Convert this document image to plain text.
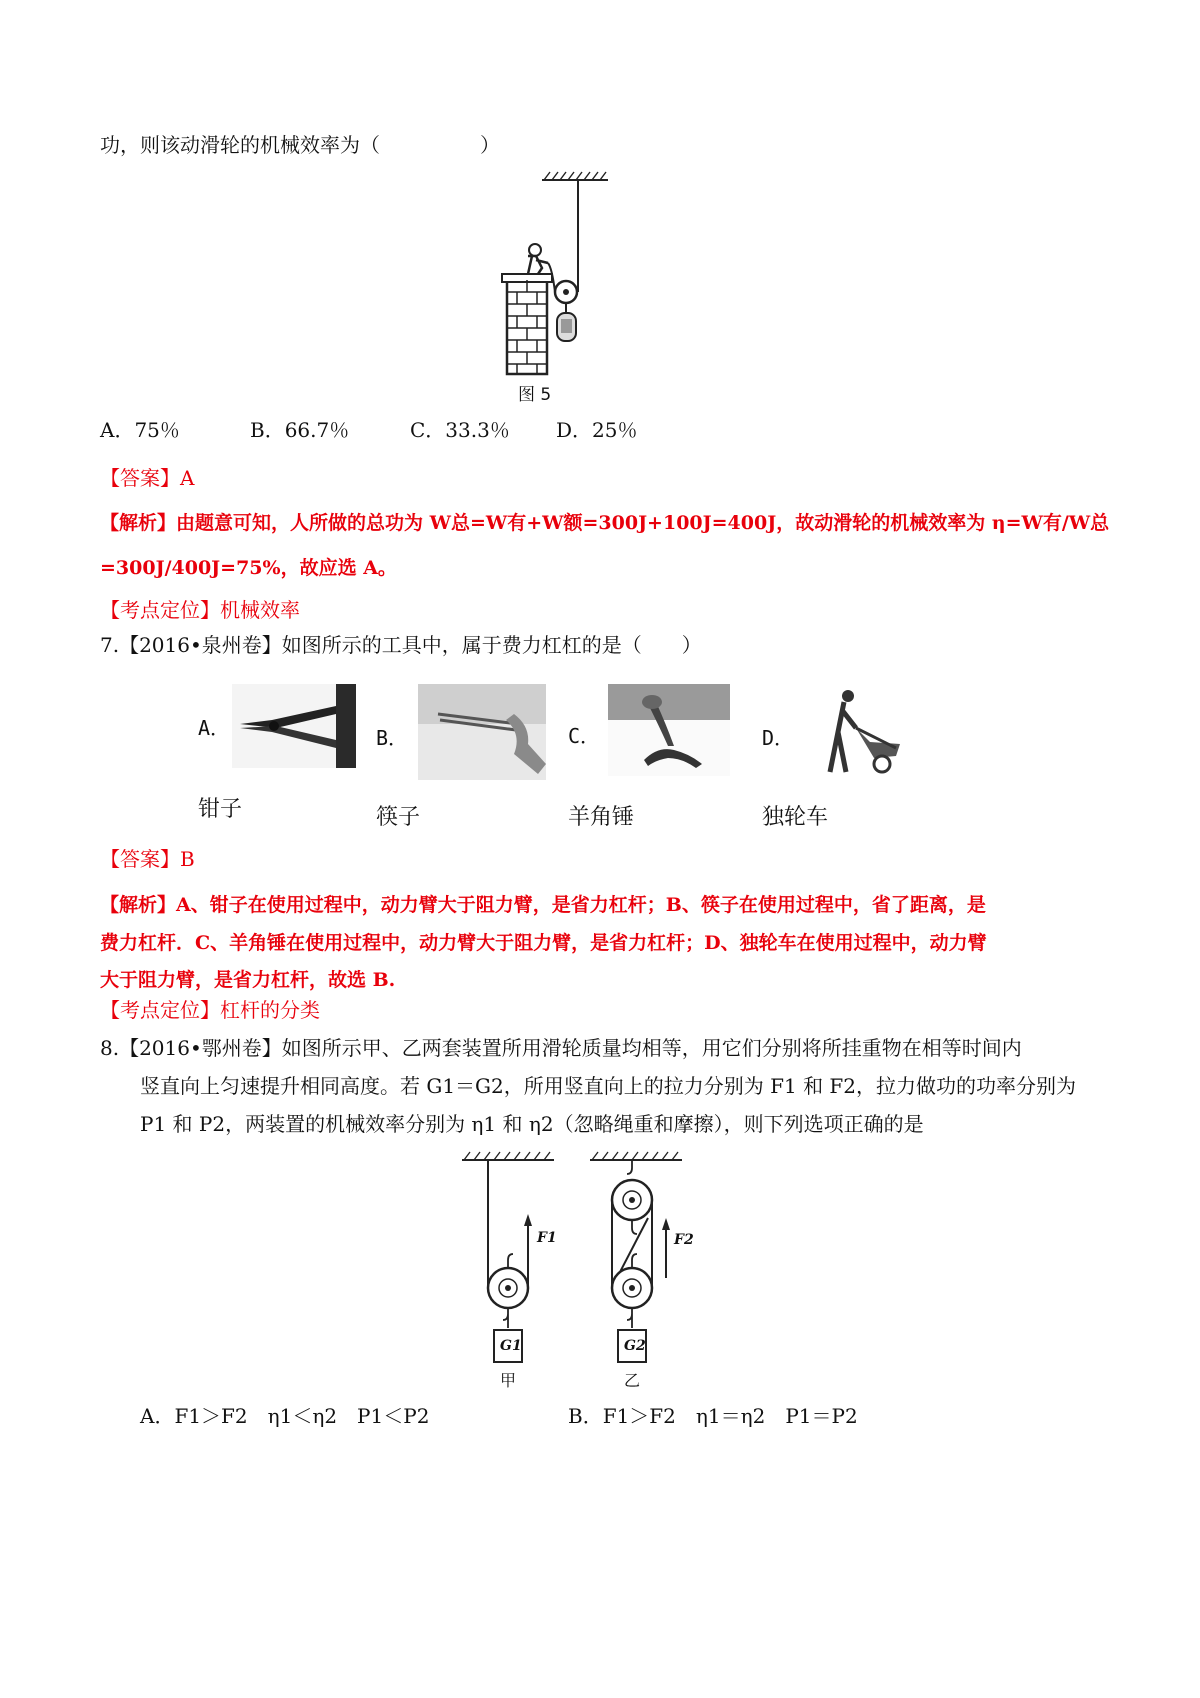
功，则该动滑轮的机械效率为（　　　　　）
图 5
A．75％	B．66.7％	C．33.3％ D．25％
【答案】A
【解析】由题意可知，人所做的总功为 W总=W有+W额=300J+100J=400J，故动滑轮的机械效率为 η=W有/W总
=300J/400J=75%，故应选 A。
【考点定位】机械效率
7.【2016•泉州卷】如图所示的工具中，属于费力杠杠的是（　　）
A．
钳子
B．
筷子
C．
羊角锤
D．
独轮车
【答案】B
【解析】A、钳子在使用过程中，动力臂大于阻力臂，是省力杠杆；B、筷子在使用过程中，省了距离，是
费力杠杆．C、羊角锤在使用过程中，动力臂大于阻力臂，是省力杠杆；D、独轮车在使用过程中，动力臂
大于阻力臂，是省力杠杆，故选 B.
【考点定位】杠杆的分类
8.【2016•鄂州卷】如图所示甲、乙两套装置所用滑轮质量均相等，用它们分别将所挂重物在相等时间内
竖直向上匀速提升相同高度。若 G1＝G2，所用竖直向上的拉力分别为 F1 和 F2，拉力做功的功率分别为
P1 和 P2，两装置的机械效率分别为 η1 和 η2（忽略绳重和摩擦），则下列选项正确的是
F1	F2
G1	G2
甲	乙
A．F1＞F2　η1＜η2　P1＜P2	B．F1＞F2　η1＝η2　P1＝P2
